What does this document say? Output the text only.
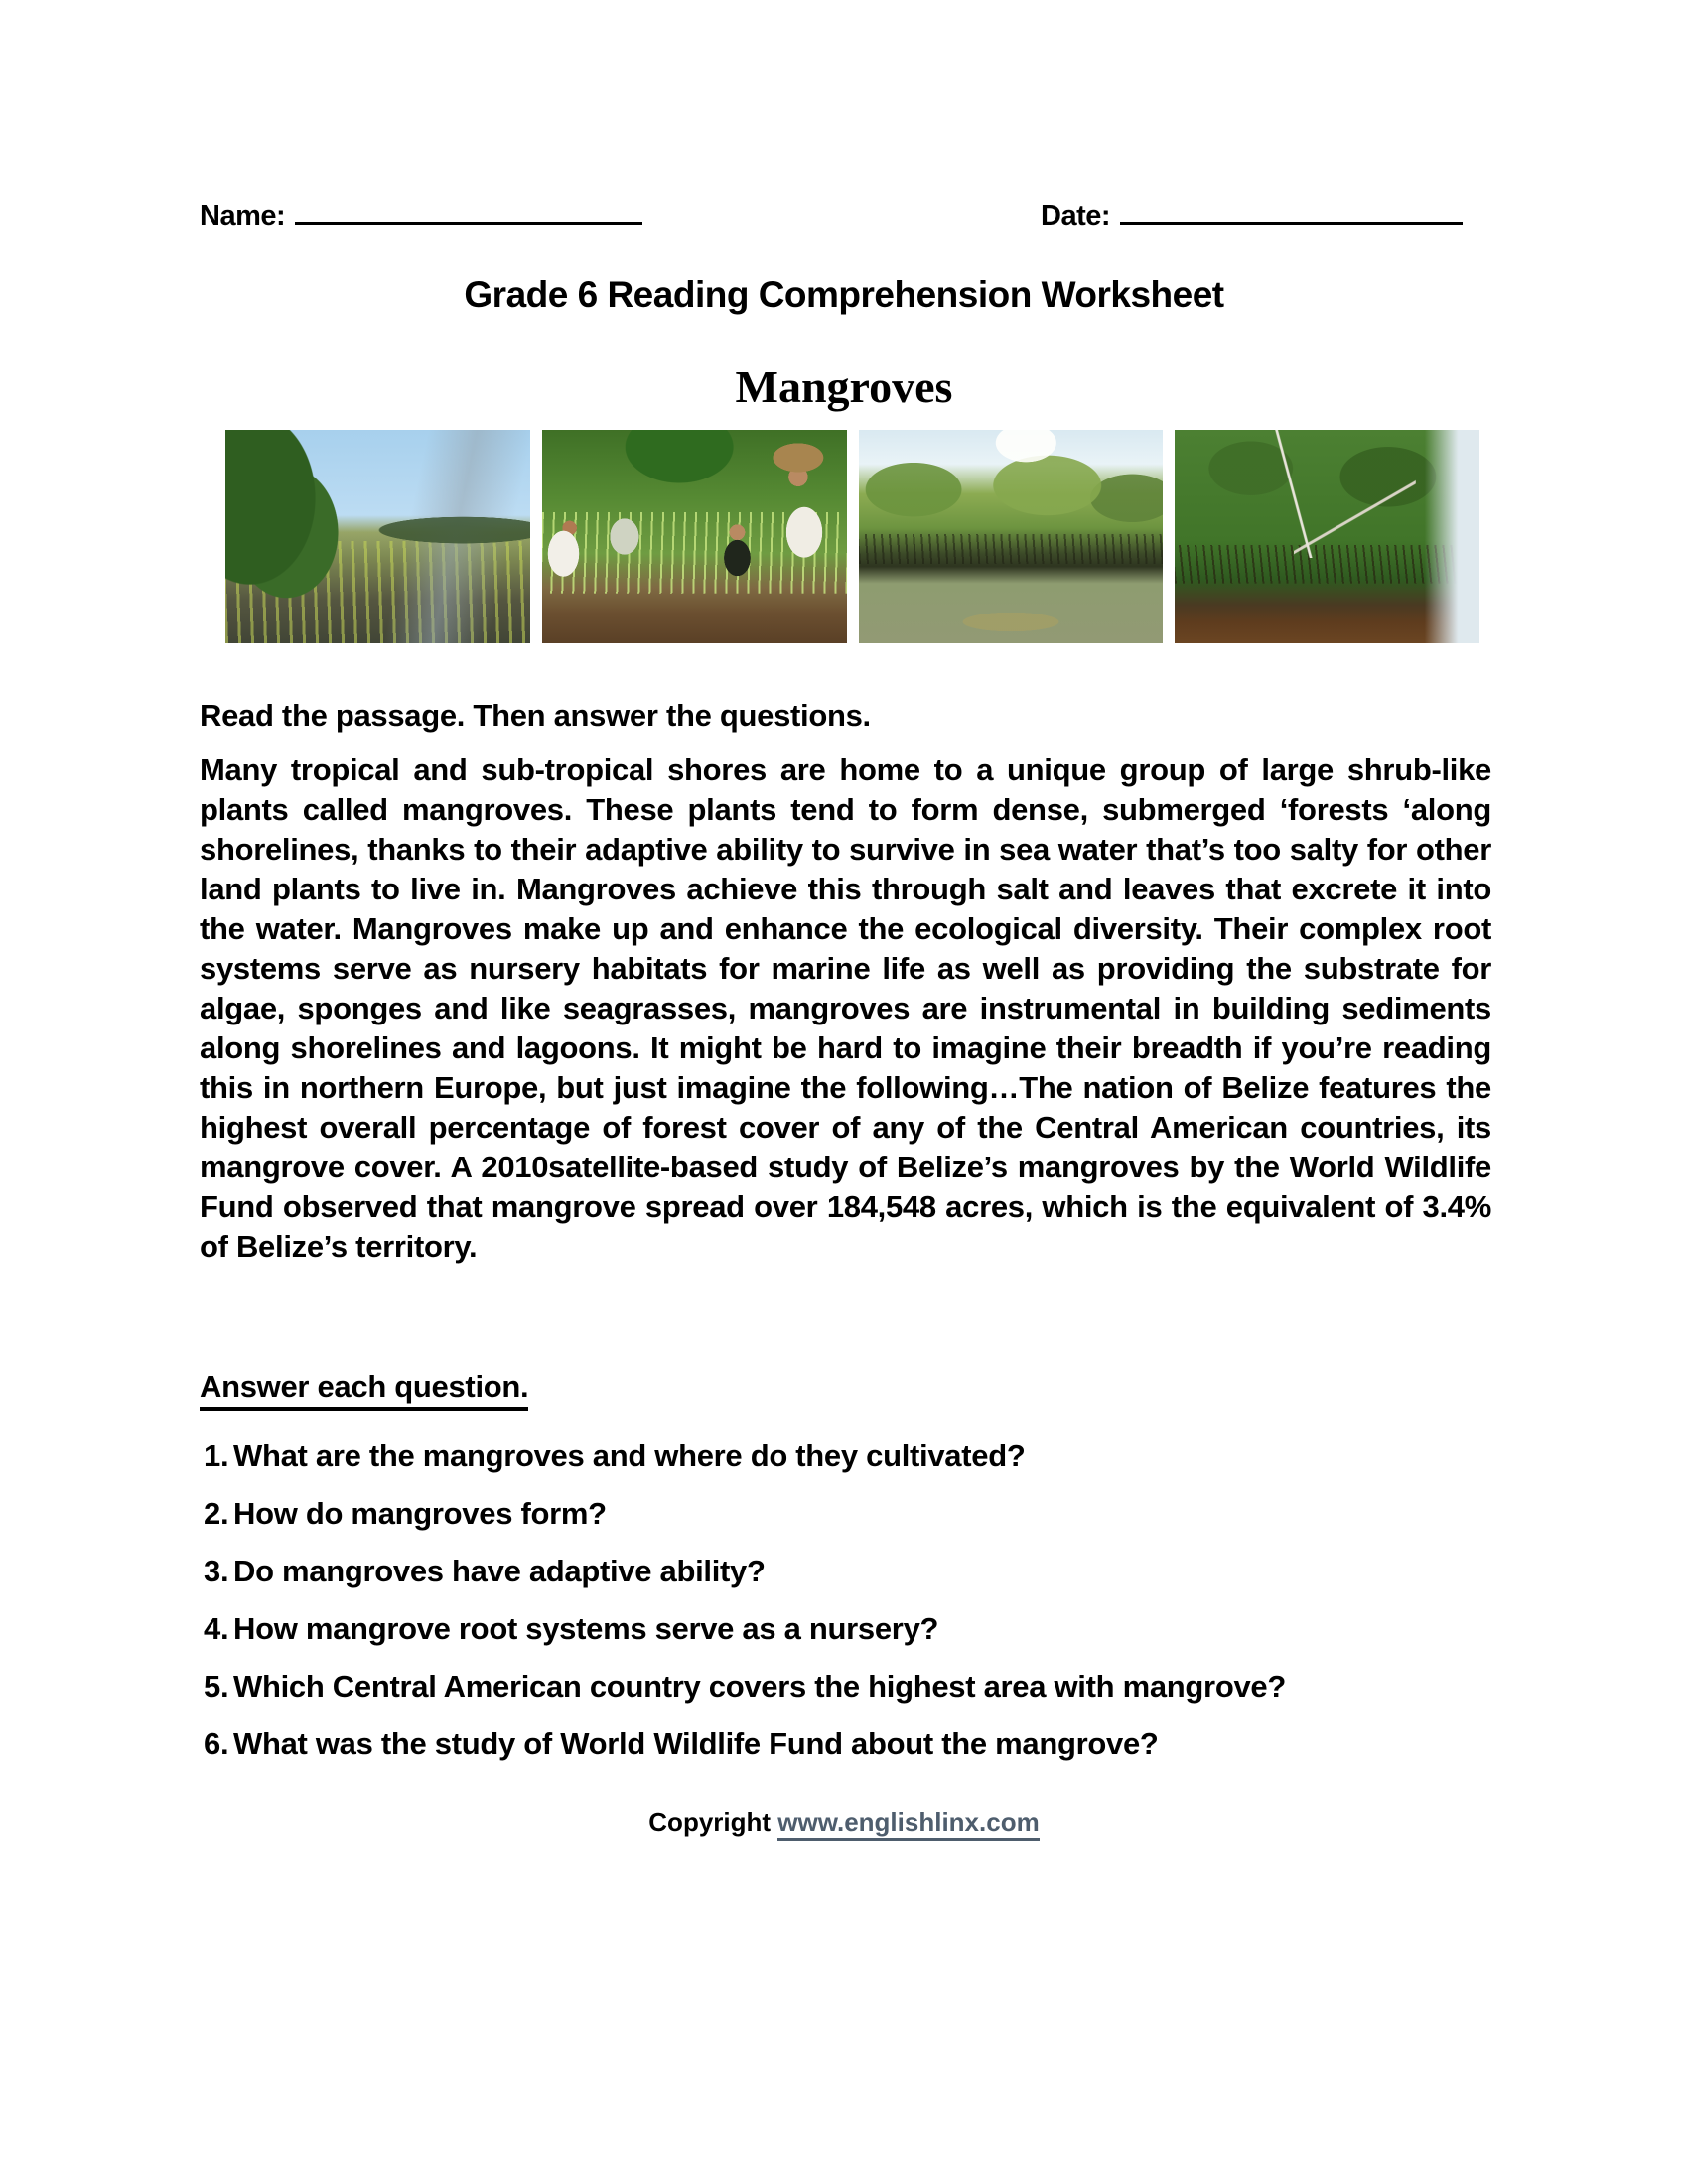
Name:	Date:
Grade 6 Reading Comprehension Worksheet
Mangroves
Read the passage. Then answer the questions.
Many tropical and sub-tropical shores are home to a unique group of large shrub-like plants called mangroves. These plants tend to form dense, submerged ‘forests ‘along shorelines, thanks to their adaptive ability to survive in sea water that’s too salty for other land plants to live in. Mangroves achieve this through salt and leaves that excrete it into the water. Mangroves make up and enhance the ecological diversity. Their complex root systems serve as nursery habitats for marine life as well as providing the substrate for algae, sponges and like seagrasses, mangroves are instrumental in building sediments along shorelines and lagoons. It might be hard to imagine their breadth if you’re reading this in northern Europe, but just imagine the following…The nation of Belize features the highest overall percentage of forest cover of any of the Central American countries, its mangrove cover. A 2010satellite-based study of Belize’s mangroves by the World Wildlife Fund observed that mangrove spread over 184,548 acres, which is the equivalent of 3.4% of Belize’s territory.
Answer each question.
1. What are the mangroves and where do they cultivated?
2. How do mangroves form?
3. Do mangroves have adaptive ability?
4. How mangrove root systems serve as a nursery?
5. Which Central American country covers the highest area with mangrove?
6. What was the study of World Wildlife Fund about the mangrove?
Copyright www.englishlinx.com
